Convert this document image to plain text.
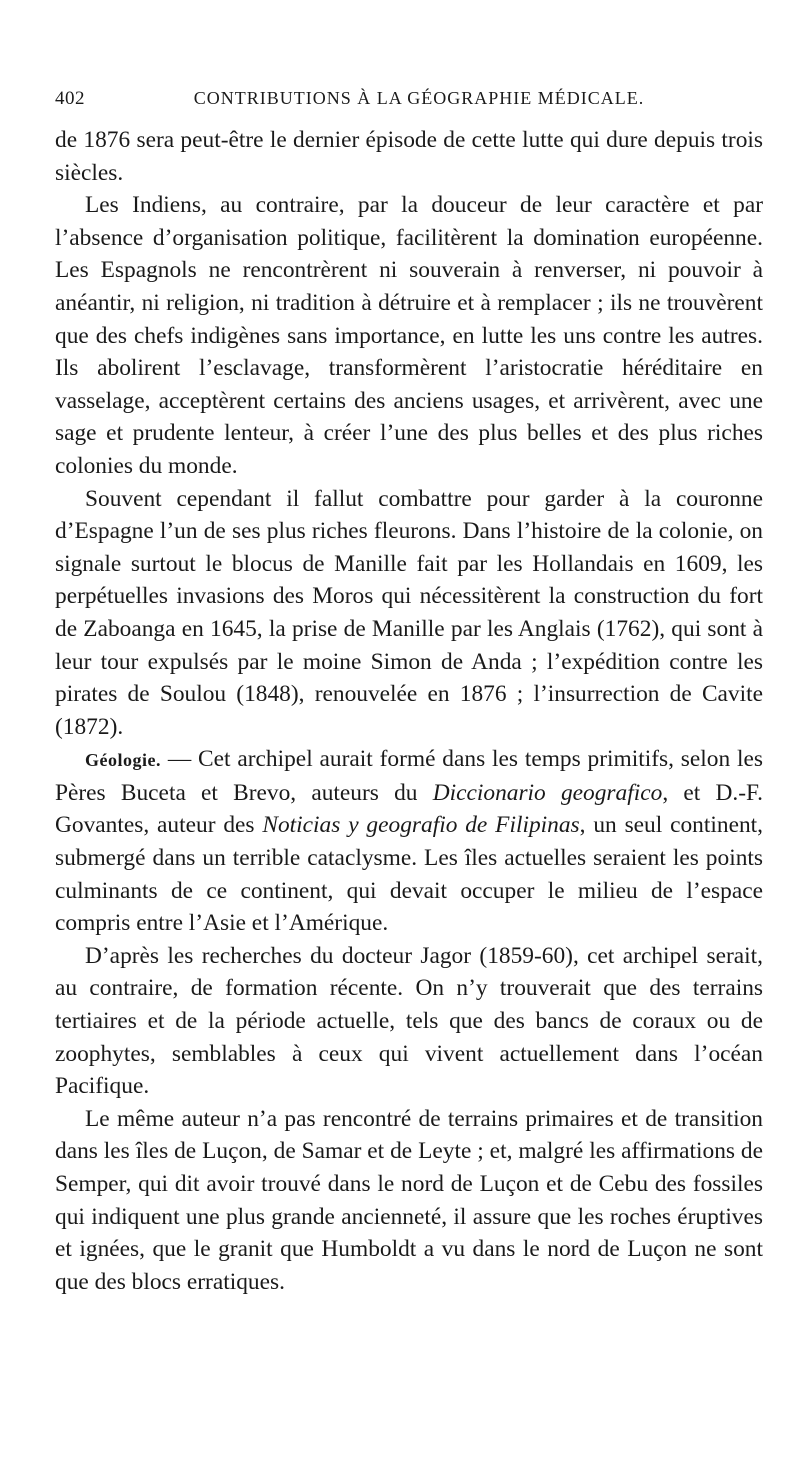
402	CONTRIBUTIONS À LA GÉOGRAPHIE MÉDICALE.

de 1876 sera peut-être le dernier épisode de cette lutte qui dure depuis trois siècles.

Les Indiens, au contraire, par la douceur de leur caractère et par l’absence d’organisation politique, facilitèrent la domination européenne. Les Espagnols ne rencontrèrent ni souverain à renverser, ni pouvoir à anéantir, ni religion, ni tradition à détruire et à remplacer ; ils ne trouvèrent que des chefs indigènes sans importance, en lutte les uns contre les autres. Ils abolirent l’esclavage, transformèrent l’aristocratie héréditaire en vasselage, acceptèrent certains des anciens usages, et arrivèrent, avec une sage et prudente lenteur, à créer l’une des plus belles et des plus riches colonies du monde.

Souvent cependant il fallut combattre pour garder à la couronne d’Espagne l’un de ses plus riches fleurons. Dans l’histoire de la colonie, on signale surtout le blocus de Manille fait par les Hollandais en 1609, les perpétuelles invasions des Moros qui nécessitèrent la construction du fort de Zaboanga en 1645, la prise de Manille par les Anglais (1762), qui sont à leur tour expulsés par le moine Simon de Anda ; l’expédition contre les pirates de Soulou (1848), renouvelée en 1876 ; l’insurrection de Cavite (1872).

Géologie. — Cet archipel aurait formé dans les temps primitifs, selon les Pères Buceta et Brevo, auteurs du Diccionario geografico, et D.-F. Govantes, auteur des Noticias y geografio de Filipinas, un seul continent, submergé dans un terrible cataclysme. Les îles actuelles seraient les points culminants de ce continent, qui devait occuper le milieu de l’espace compris entre l’Asie et l’Amérique.

D’après les recherches du docteur Jagor (1859-60), cet archipel serait, au contraire, de formation récente. On n’y trouverait que des terrains tertiaires et de la période actuelle, tels que des bancs de coraux ou de zoophytes, semblables à ceux qui vivent actuellement dans l’océan Pacifique.

Le même auteur n’a pas rencontré de terrains primaires et de transition dans les îles de Luçon, de Samar et de Leyte ; et, malgré les affirmations de Semper, qui dit avoir trouvé dans le nord de Luçon et de Cebu des fossiles qui indiquent une plus grande ancienneté, il assure que les roches éruptives et ignées, que le granit que Humboldt a vu dans le nord de Luçon ne sont que des blocs erratiques.
